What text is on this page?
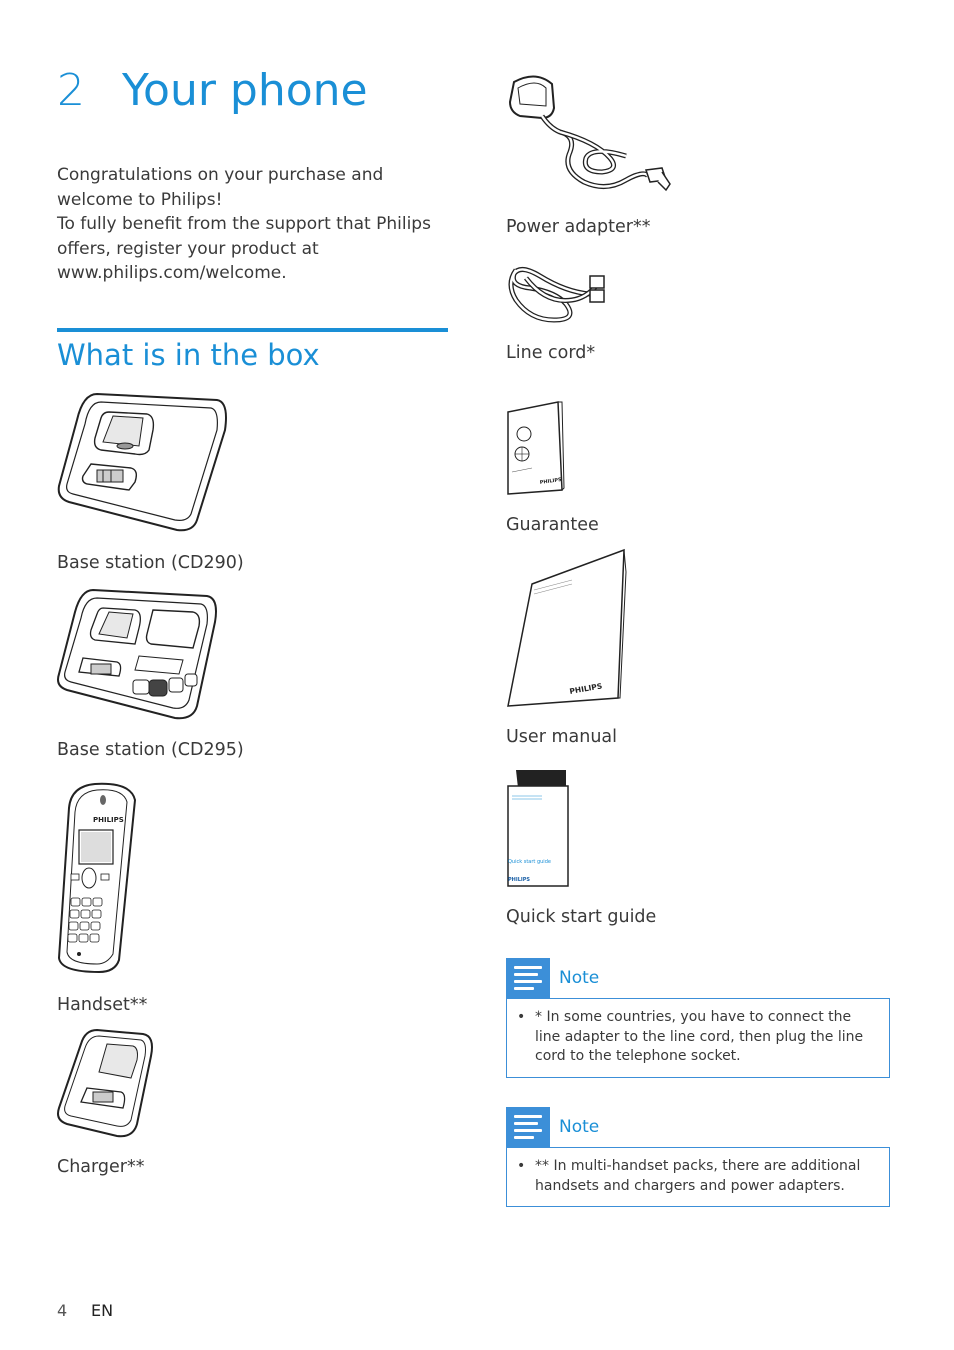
2 Your phone
Congratulations on your purchase and welcome to Philips!
To fully benefit from the support that Philips offers, register your product at www.philips.com/welcome.
What is in the box
Base station (CD290)
Base station (CD295)
PHILIPS
Handset**
Charger**
Power adapter**
Line cord*
PHILIPS
Guarantee
PHILIPS
User manual
Quick start guide
PHILIPS
Quick start guide
Note
• * In some countries, you have to connect the line adapter to the line cord, then plug the line cord to the telephone socket.
Note
• ** In multi-handset packs, there are additional handsets and chargers and power adapters.
4 EN
